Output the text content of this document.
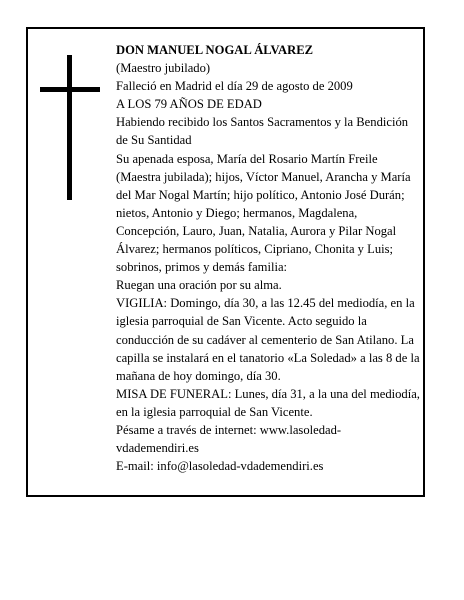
DON MANUEL NOGAL ÁLVAREZ
(Maestro jubilado)
Falleció en Madrid el día 29 de agosto de 2009
A LOS 79 AÑOS DE EDAD
Habiendo recibido los Santos Sacramentos y la Bendición de Su Santidad
Su apenada esposa, María del Rosario Martín Freile (Maestra jubilada); hijos, Víctor Manuel, Arancha y María del Mar Nogal Martín; hijo político, Antonio José Durán; nietos, Antonio y Diego; hermanos, Magdalena, Concepción, Lauro, Juan, Natalia, Aurora y Pilar Nogal Álvarez; hermanos políticos, Cipriano, Chonita y Luis; sobrinos, primos y demás familia:
Ruegan una oración por su alma.
VIGILIA: Domingo, día 30, a las 12.45 del mediodía, en la iglesia parroquial de San Vicente. Acto seguido la conducción de su cadáver al cementerio de San Atilano. La capilla se instalará en el tanatorio «La Soledad» a las 8 de la mañana de hoy domingo, día 30.
MISA DE FUNERAL: Lunes, día 31, a la una del mediodía, en la iglesia parroquial de San Vicente.
Pésame a través de internet: www.lasoledad-vdademendiri.es
E-mail: info@lasoledad-vdademendiri.es
